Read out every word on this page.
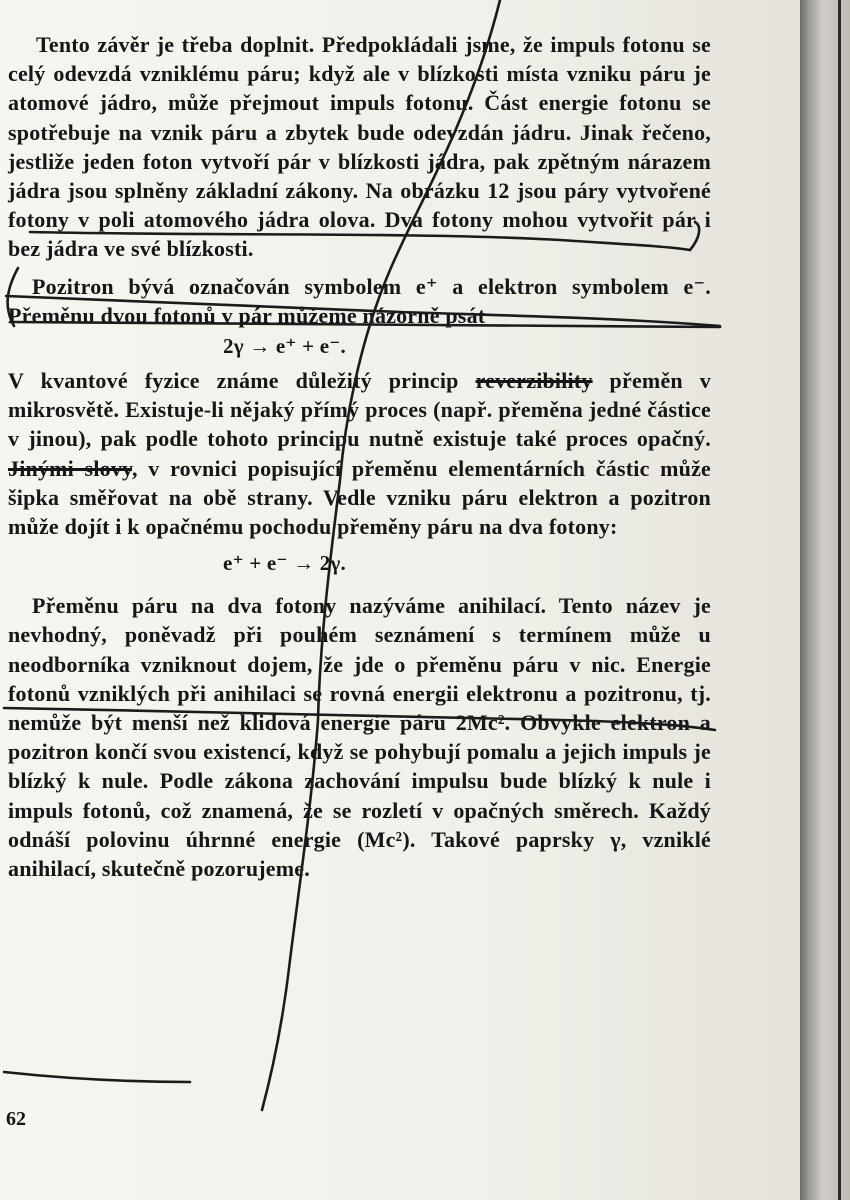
Tento závěr je třeba doplnit. Předpokládali jsme, že impuls fotonu se celý odevzdá vzniklému páru; když ale v blízkosti místa vzniku páru je atomové jádro, může přejmout impuls fotonu. Část energie fotonu se spotřebuje na vznik páru a zbytek bude odevzdán jádru. Jinak řečeno, jestliže jeden foton vytvoří pár v blízkosti jádra, pak zpětným nárazem jádra jsou splněny základní zákony. Na obrázku 12 jsou páry vytvořené fotony v poli atomového jádra olova. Dva fotony mohou vytvořit pár i bez jádra ve své blízkosti.

Pozitron bývá označován symbolem e⁺ a elektron symbolem e⁻. Přeměnu dvou fotonů v pár můžeme názorně psát

2γ → e⁺ + e⁻.

V kvantové fyzice známe důležitý princip reverzibility přeměn v mikrosvětě. Existuje-li nějaký přímý proces (např. přeměna jedné částice v jinou), pak podle tohoto principu nutně existuje také proces opačný. Jinými slovy, v rovnici popisující přeměnu elementárních částic může šipka směřovat na obě strany. Vedle vzniku páru elektron a pozitron může dojít i k opačnému pochodu přeměny páru na dva fotony:

e⁺ + e⁻ → 2γ.

Přeměnu páru na dva fotony nazýváme anihilací. Tento název je nevhodný, poněvadž při pouhém seznámení s termínem může u neodborníka vzniknout dojem, že jde o přeměnu páru v nic. Energie fotonů vzniklých při anihilaci se rovná energii elektronu a pozitronu, tj. nemůže být menší než klidová energie páru 2Mc². Obvykle elektron a pozitron končí svou existencí, když se pohybují pomalu a jejich impuls je blízký k nule. Podle zákona zachování impulsu bude blízký k nule i impuls fotonů, což znamená, že se rozletí v opačných směrech. Každý odnáší polovinu úhrnné energie (Mc²). Takové paprsky γ, vzniklé anihilací, skutečně pozorujeme.

62
